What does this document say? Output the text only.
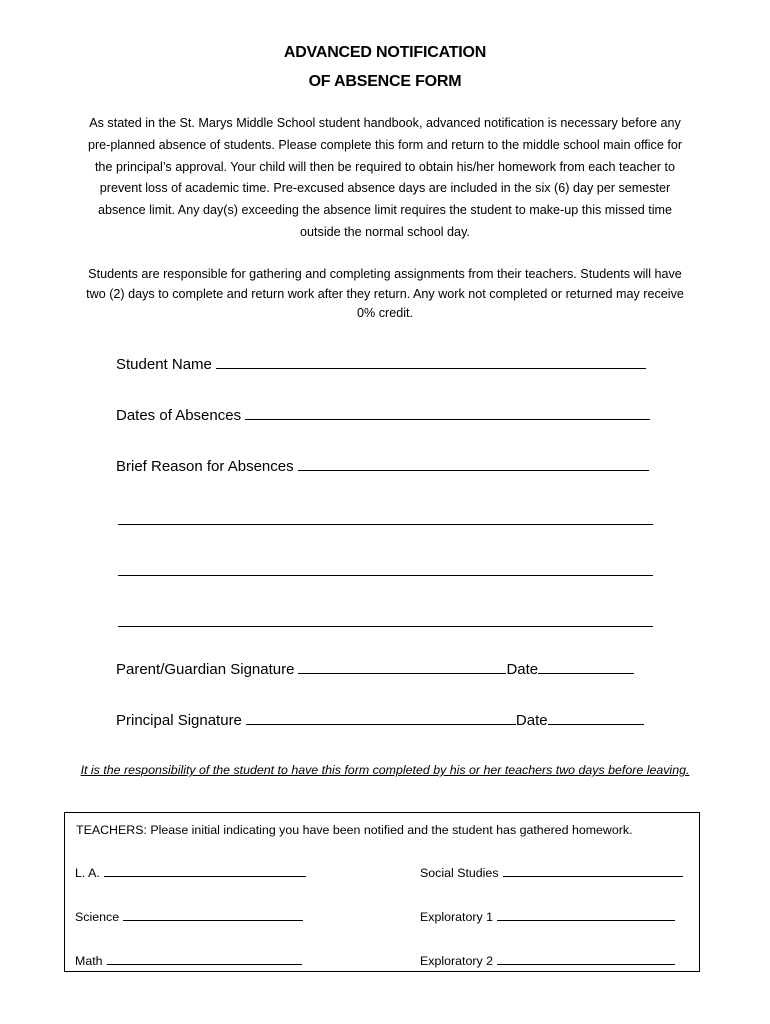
ADVANCED NOTIFICATION
OF ABSENCE FORM
As stated in the St. Marys Middle School student handbook, advanced notification is necessary before any pre-planned absence of students. Please complete this form and return to the middle school main office for the principal’s approval. Your child will then be required to obtain his/her homework from each teacher to prevent loss of academic time. Pre-excused absence days are included in the six (6) day per semester absence limit. Any day(s) exceeding the absence limit requires the student to make-up this missed time outside the normal school day.
Students are responsible for gathering and completing assignments from their teachers. Students will have two (2) days to complete and return work after they return. Any work not completed or returned may receive 0% credit.
Student Name
Dates of Absences
Brief Reason for Absences
Parent/Guardian Signature	Date
Principal Signature	Date
It is the responsibility of the student to have this form completed by his or her teachers two days before leaving.
TEACHERS: Please initial indicating you have been notified and the student has gathered homework.
L. A.	Social Studies
Science	Exploratory 1
Math	Exploratory 2
